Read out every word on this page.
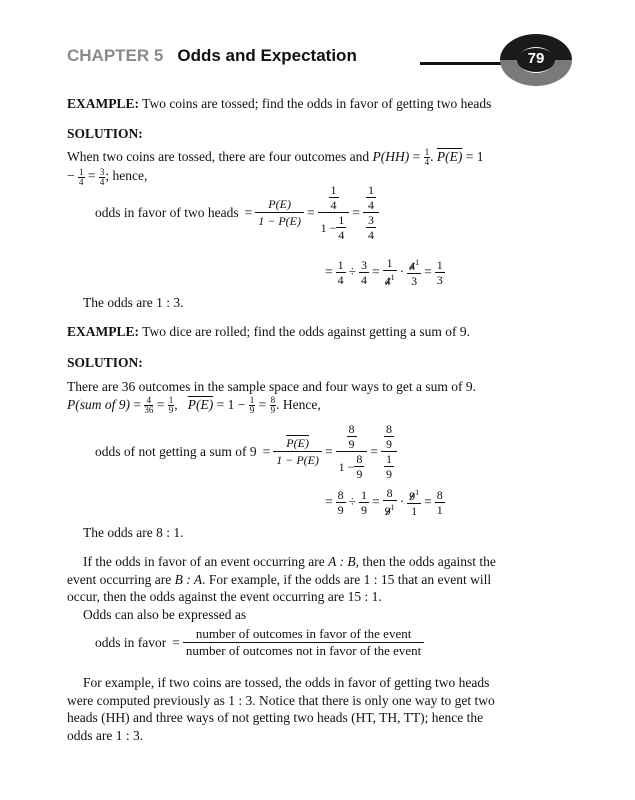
CHAPTER 5 Odds and Expectation	79
EXAMPLE: Two coins are tossed; find the odds in favor of getting two heads
SOLUTION:
When two coins are tossed, there are four outcomes and $P(HH) = \frac{1}{4}$ . P(E) = 1
− $\frac{1}{4} = \frac{3}{4}$ ; hence,
odds in favor of two heads = $\frac{P(E)}{1 - P(E)} = \frac{\frac{1}{4}}{1 - \frac{1}{4}} = \frac{\frac{1}{4}}{\frac{3}{4}}$
= $\frac{1}{4} \div \frac{3}{4} = \frac{1}{4^1} \cdot \frac{4^1}{3} = \frac{1}{3}$
The odds are 1 : 3.
EXAMPLE: Two dice are rolled; find the odds against getting a sum of 9.
SOLUTION:
There are 36 outcomes in the sample space and four ways to get a sum of 9.
P(sum of $9) = \frac{4}{36} = \frac{1}{9}$ ,   $P(E) = 1 - \frac{1}{9} = \frac{8}{9}$ . Hence,
odds of not getting a sum of $9 = \frac{P(E)}{1 - P(E)} = \frac{\frac{8}{9}}{1 - \frac{8}{9}} = \frac{\frac{8}{9}}{\frac{1}{9}}$
= $\frac{8}{9} \div \frac{1}{9} = \frac{8}{9^1} \cdot \frac{9^1}{1} = \frac{8}{1}$
The odds are 8 : 1.
If the odds in favor of an event occurring are A : B, then the odds against the event occurring are B : A. For example, if the odds are 1 : 15 that an event will occur, then the odds against the event occurring are 15 : 1.
Odds can also be expressed as
odds in favor =
number of outcomes in favor of the event
number of outcomes not in favor of the event
For example, if two coins are tossed, the odds in favor of getting two heads were computed previously as 1 : 3. Notice that there is only one way to get two heads (HH) and three ways of not getting two heads (HT, TH, TT); hence the odds are 1 : 3.
